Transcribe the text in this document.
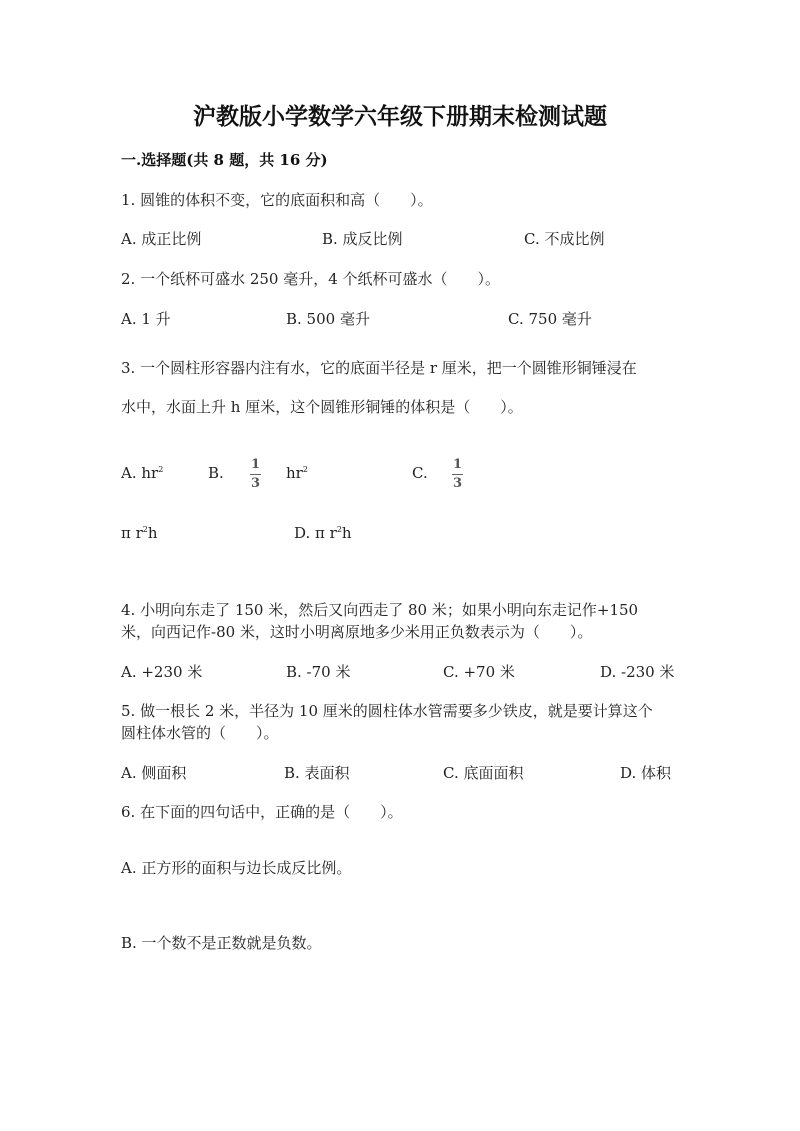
沪教版小学数学六年级下册期末检测试题
一.选择题(共 8 题，共 16 分)
1. 圆锥的体积不变，它的底面积和高（　　）。
A. 成正比例	B. 成反比例	C. 不成比例
2. 一个纸杯可盛水 250 毫升，4 个纸杯可盛水（　　）。
A. 1 升	B. 500 毫升	C. 750 毫升
3. 一个圆柱形容器内注有水，它的底面半径是 r 厘米，把一个圆锥形铜锤浸在
水中，水面上升 h 厘米，这个圆锥形铜锤的体积是（　　）。
A. $hr^2$	B. 1
3
$hr^2$	C. 1
3
π $r^2h$	D. π $r^2h$
4. 小明向东走了 150 米，然后又向西走了 80 米；如果小明向东走记作+150
米，向西记作-80 米，这时小明离原地多少米用正负数表示为（　　）。
A. +230 米	B. -70 米	C. +70 米	D. -230 米
5. 做一根长 2 米，半径为 10 厘米的圆柱体水管需要多少铁皮，就是要计算这个
圆柱体水管的（　　）。
A. 侧面积	B. 表面积	C. 底面面积	D. 体积
6. 在下面的四句话中，正确的是（　　）。
A. 正方形的面积与边长成反比例。
B. 一个数不是正数就是负数。
